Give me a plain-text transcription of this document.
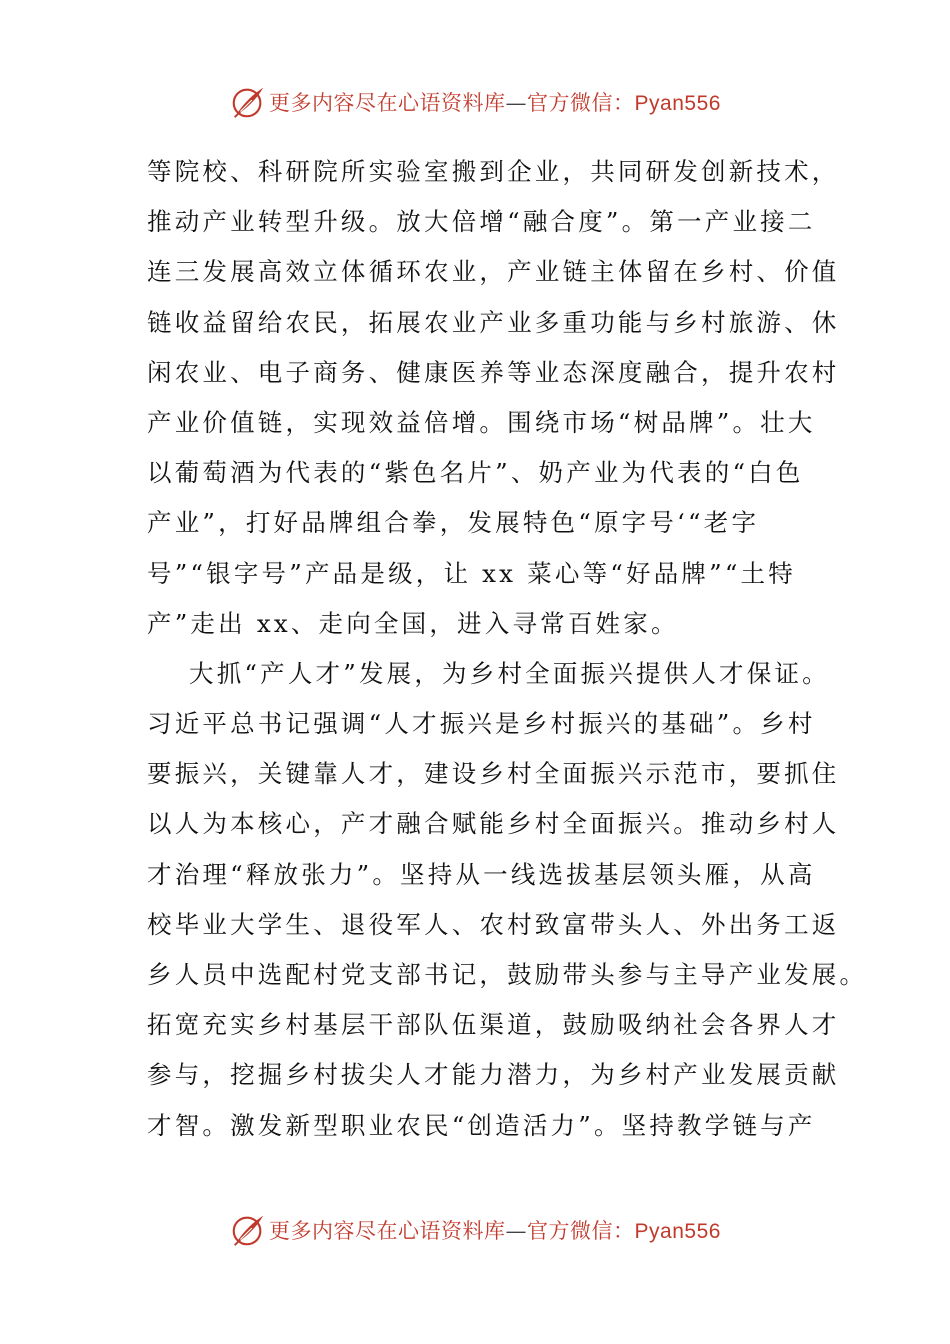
更多内容尽在心语资料库—官方微信：Pyan556
等院校、科研院所实验室搬到企业，共同研发创新技术，
推动产业转型升级。放大倍增“融合度”。第一产业接二
连三发展高效立体循环农业，产业链主体留在乡村、价值
链收益留给农民，拓展农业产业多重功能与乡村旅游、休
闲农业、电子商务、健康医养等业态深度融合，提升农村
产业价值链，实现效益倍增。围绕市场“树品牌”。壮大
以葡萄酒为代表的“紫色名片”、奶产业为代表的“白色
产业”，打好品牌组合拳，发展特色“原字号‘“老字
号”“银字号”产品是级，让 xx 菜心等“好品牌”“土特
产”走出 xx、走向全国，进入寻常百姓家。
大抓“产人才”发展，为乡村全面振兴提供人才保证。
习近平总书记强调“人才振兴是乡村振兴的基础”。乡村
要振兴，关键靠人才，建设乡村全面振兴示范市，要抓住
以人为本核心，产才融合赋能乡村全面振兴。推动乡村人
才治理“释放张力”。坚持从一线选拔基层领头雁，从高
校毕业大学生、退役军人、农村致富带头人、外出务工返
乡人员中选配村党支部书记，鼓励带头参与主导产业发展。
拓宽充实乡村基层干部队伍渠道，鼓励吸纳社会各界人才
参与，挖掘乡村拔尖人才能力潜力，为乡村产业发展贡献
才智。激发新型职业农民“创造活力”。坚持教学链与产
更多内容尽在心语资料库—官方微信：Pyan556
